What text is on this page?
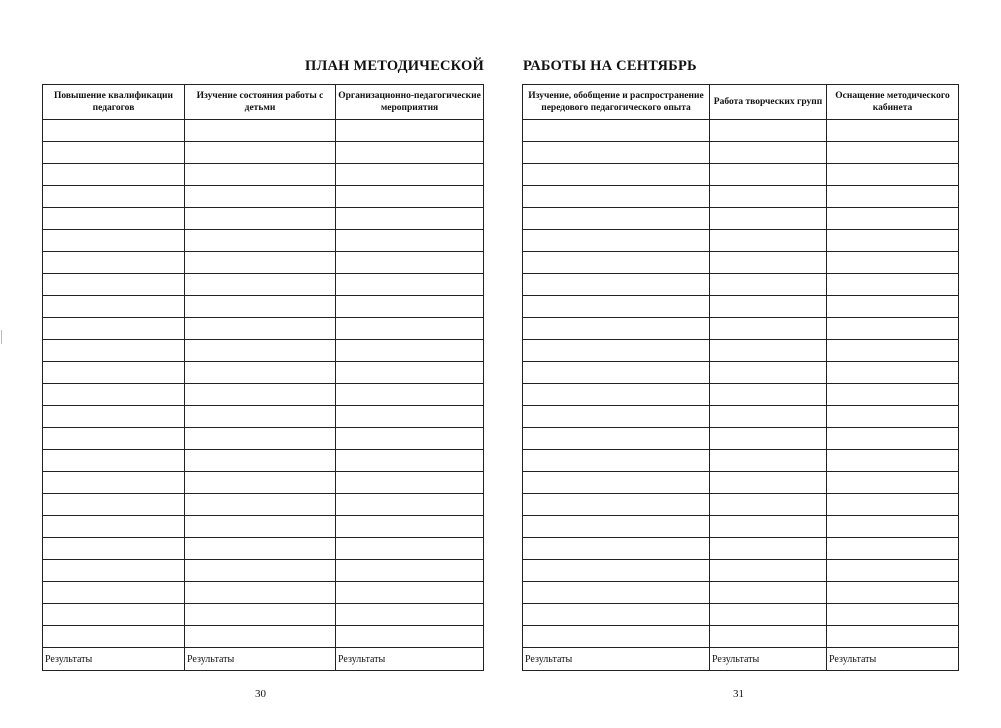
ПЛАН МЕТОДИЧЕСКОЙ	РАБОТЫ НА СЕНТЯБРЬ
Повышение квалификации педагогов	Изучение состояния работы с детьми	Организационно-педагогические мероприятия

Результаты	Результаты	Результаты
Изучение, обобщение и распространение передового педагогического опыта	Работа творческих групп	Оснащение методического кабинета

Результаты	Результаты	Результаты
30	31
